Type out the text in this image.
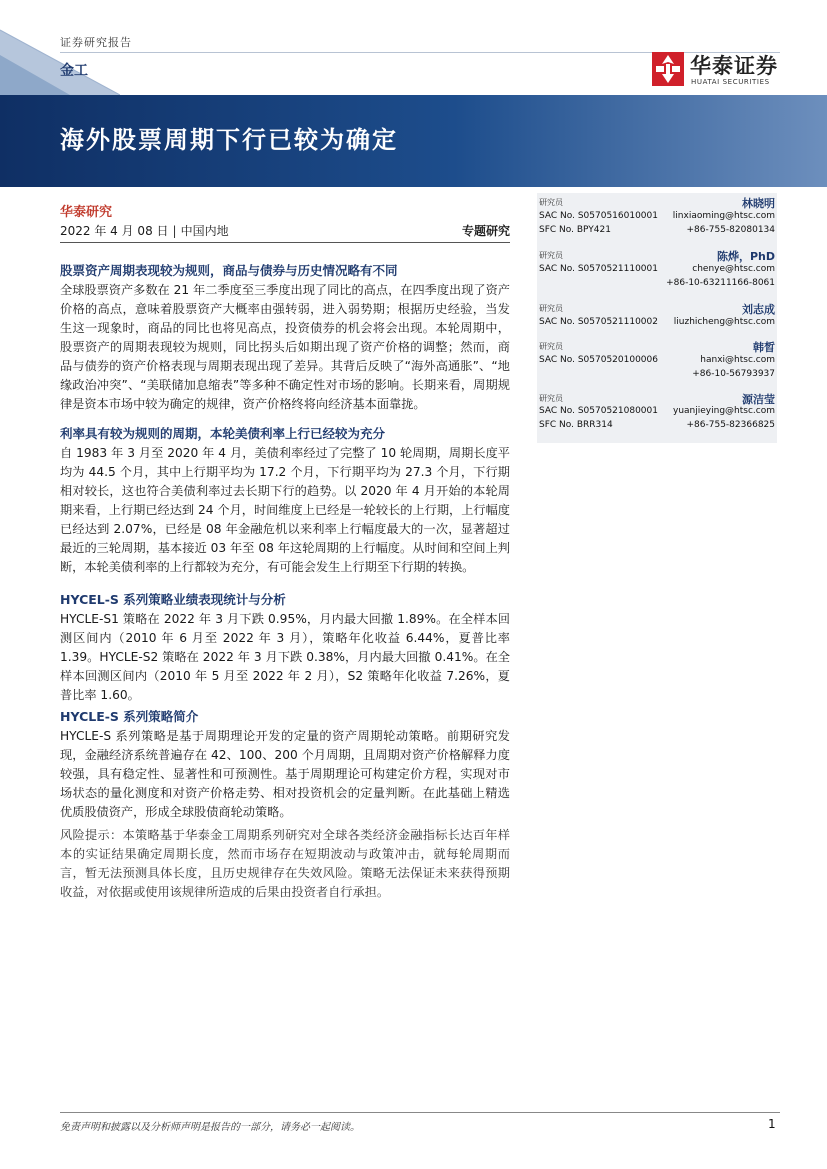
证券研究报告
金工	华泰证券
HUATAI SECURITIES
海外股票周期下行已较为确定
华泰研究
2022 年 4 月 08 日 | 中国内地	专题研究
股票资产周期表现较为规则，商品与债券与历史情况略有不同

全球股票资产多数在 21 年二季度至三季度出现了同比的高点，在四季度出现了资产价格的高点，意味着股票资产大概率由强转弱，进入弱势期；根据历史经验，当发生这一现象时，商品的同比也将见高点，投资债券的机会将会出现。本轮周期中，股票资产的周期表现较为规则，同比拐头后如期出现了资产价格的调整；然而，商品与债券的资产价格表现与周期表现出现了差异。其背后反映了“海外高通胀”、“地缘政治冲突”、“美联储加息缩表”等多种不确定性对市场的影响。长期来看，周期规律是资本市场中较为确定的规律，资产价格终将向经济基本面靠拢。

利率具有较为规则的周期，本轮美债利率上行已经较为充分

自 1983 年 3 月至 2020 年 4 月，美债利率经过了完整了 10 轮周期，周期长度平均为 44.5 个月，其中上行期平均为 17.2 个月，下行期平均为 27.3 个月，下行期相对较长，这也符合美债利率过去长期下行的趋势。以 2020 年 4 月开始的本轮周期来看，上行期已经达到 24 个月，时间维度上已经是一轮较长的上行期，上行幅度已经达到 2.07%，已经是 08 年金融危机以来利率上行幅度最大的一次，显著超过最近的三轮周期，基本接近 03 年至 08 年这轮周期的上行幅度。从时间和空间上判断，本轮美债利率的上行都较为充分，有可能会发生上行期至下行期的转换。

HYCEL-S 系列策略业绩表现统计与分析

HYCLE-S1 策略在 2022 年 3 月下跌 0.95%，月内最大回撤 1.89%。在全样本回测区间内（2010 年 6 月至 2022 年 3 月），策略年化收益 6.44%，夏普比率 1.39。HYCLE-S2 策略在 2022 年 3 月下跌 0.38%，月内最大回撤 0.41%。在全样本回测区间内（2010 年 5 月至 2022 年 2 月），S2 策略年化收益 7.26%，夏普比率 1.60。

HYCLE-S 系列策略简介

HYCLE-S 系列策略是基于周期理论开发的定量的资产周期轮动策略。前期研究发现，金融经济系统普遍存在 42、100、200 个月周期，且周期对资产价格解释力度较强，具有稳定性、显著性和可预测性。基于周期理论可构建定价方程，实现对市场状态的量化测度和对资产价格走势、相对投资机会的定量判断。在此基础上精选优质股债资产，形成全球股债商轮动策略。

风险提示：本策略基于华泰金工周期系列研究对全球各类经济金融指标长达百年样本的实证结果确定周期长度，然而市场存在短期波动与政策冲击，就每轮周期而言，暂无法预测具体长度，且历史规律存在失效风险。策略无法保证未来获得预期收益，对依据或使用该规律所造成的后果由投资者自行承担。

研究员	林晓明
SAC No. S0570516010001 linxiaoming@htsc.com
SFC No. BPY421	+86-755-82080134
研究员	陈烨，PhD
SAC No. S0570521110001	chenye@htsc.com
+86-10-63211166-8061
研究员	刘志成
SAC No. S0570521110002 liuzhicheng@htsc.com
研究员	韩晳
SAC No. S0570520100006	hanxi@htsc.com
+86-10-56793937
研究员	源洁莹
SAC No. S0570521080001 yuanjieying@htsc.com
SFC No. BRR314	+86-755-82366825
免责声明和披露以及分析师声明是报告的一部分，请务必一起阅读。	1
